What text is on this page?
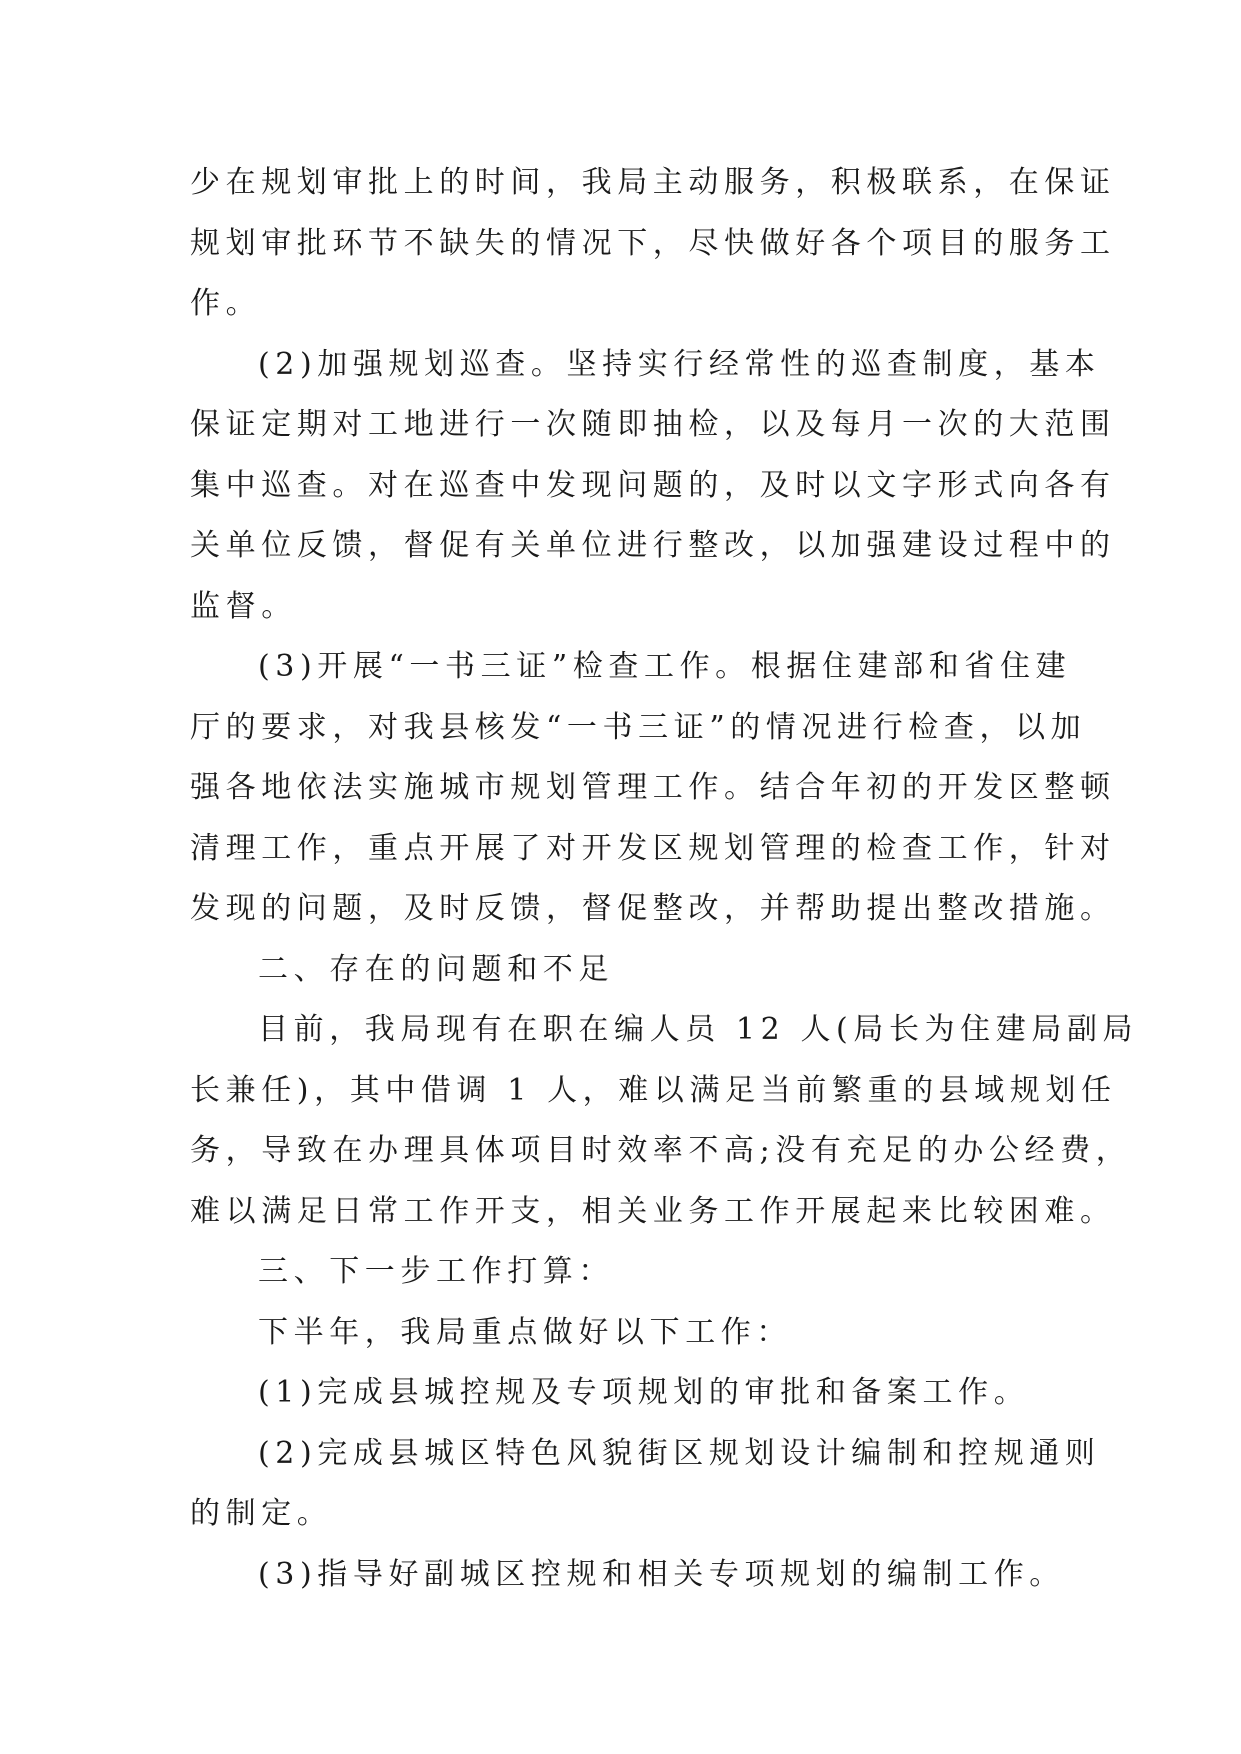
少在规划审批上的时间，我局主动服务，积极联系，在保证
规划审批环节不缺失的情况下，尽快做好各个项目的服务工
作。
(2)加强规划巡查。坚持实行经常性的巡查制度，基本
保证定期对工地进行一次随即抽检，以及每月一次的大范围
集中巡查。对在巡查中发现问题的，及时以文字形式向各有
关单位反馈，督促有关单位进行整改，以加强建设过程中的
监督。
(3)开展“一书三证”检查工作。根据住建部和省住建
厅的要求，对我县核发“一书三证”的情况进行检查，以加
强各地依法实施城市规划管理工作。结合年初的开发区整顿
清理工作，重点开展了对开发区规划管理的检查工作，针对
发现的问题，及时反馈，督促整改，并帮助提出整改措施。
二、存在的问题和不足
目前，我局现有在职在编人员 12 人(局长为住建局副局
长兼任)，其中借调 1 人，难以满足当前繁重的县域规划任
务，导致在办理具体项目时效率不高;没有充足的办公经费，
难以满足日常工作开支，相关业务工作开展起来比较困难。
三、下一步工作打算：
下半年，我局重点做好以下工作：
(1)完成县城控规及专项规划的审批和备案工作。
(2)完成县城区特色风貌街区规划设计编制和控规通则
的制定。
(3)指导好副城区控规和相关专项规划的编制工作。
